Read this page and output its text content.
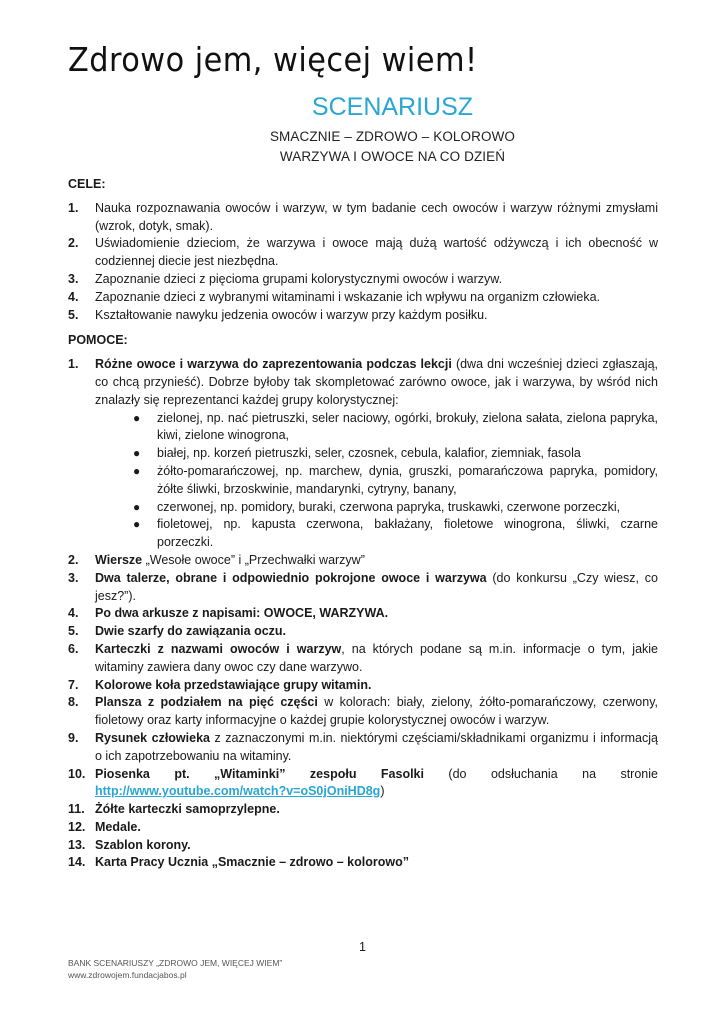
Zdrowo jem, więcej wiem!
SCENARIUSZ
SMACZNIE – ZDROWO – KOLOROWO
WARZYWA I OWOCE NA CO DZIEŃ
CELE:
1. Nauka rozpoznawania owoców i warzyw, w tym badanie cech owoców i warzyw różnymi zmysłami (wzrok, dotyk, smak).
2. Uświadomienie dzieciom, że warzywa i owoce mają dużą wartość odżywczą i ich obecność w codziennej diecie jest niezbędna.
3. Zapoznanie dzieci z pięcioma grupami kolorystycznymi owoców i warzyw.
4. Zapoznanie dzieci z wybranymi witaminami i wskazanie ich wpływu na organizm człowieka.
5. Kształtowanie nawyku jedzenia owoców i warzyw przy każdym posiłku.
POMOCE:
1. Różne owoce i warzywa do zaprezentowania podczas lekcji (dwa dni wcześniej dzieci zgłaszają, co chcą przynieść). Dobrze byłoby tak skompletować zarówno owoce, jak i warzywa, by wśród nich znalazły się reprezentanci każdej grupy kolorystycznej:
● zielonej, np. nać pietruszki, seler naciowy, ogórki, brokuły, zielona sałata, zielona papryka, kiwi, zielone winogrona,
● białej, np. korzeń pietruszki, seler, czosnek, cebula, kalafior, ziemniak, fasola
● żółto-pomarańczowej, np. marchew, dynia, gruszki, pomarańczowa papryka, pomidory, żółte śliwki, brzoskwinie, mandarynki, cytryny, banany,
● czerwonej, np. pomidory, buraki, czerwona papryka, truskawki, czerwone porzeczki,
● fioletowej, np. kapusta czerwona, bakłażany, fioletowe winogrona, śliwki, czarne porzeczki.
2. Wiersze „Wesołe owoce” i „Przechwałki warzyw”
3. Dwa talerze, obrane i odpowiednio pokrojone owoce i warzywa (do konkursu „Czy wiesz, co jesz?”).
4. Po dwa arkusze z napisami: OWOCE, WARZYWA.
5. Dwie szarfy do zawiązania oczu.
6. Karteczki z nazwami owoców i warzyw, na których podane są m.in. informacje o tym, jakie witaminy zawiera dany owoc czy dane warzywo.
7. Kolorowe koła przedstawiające grupy witamin.
8. Plansza z podziałem na pięć części w kolorach: biały, zielony, żółto-pomarańczowy, czerwony, fioletowy oraz karty informacyjne o każdej grupie kolorystycznej owoców i warzyw.
9. Rysunek człowieka z zaznaczonymi m.in. niektórymi częściami/składnikami organizmu i informacją o ich zapotrzebowaniu na witaminy.
10. Piosenka pt. „Witaminki” zespołu Fasolki (do odsłuchania na stronie http://www.youtube.com/watch?v=oS0jOniHD8g)
11. Żółte karteczki samoprzylepne.
12. Medale.
13. Szablon korony.
14. Karta Pracy Ucznia „Smacznie – zdrowo – kolorowo”
1
BANK SCENARIUSZY „ZDROWO JEM, WIĘCEJ WIEM”
www.zdrowojem.fundacjabos.pl
